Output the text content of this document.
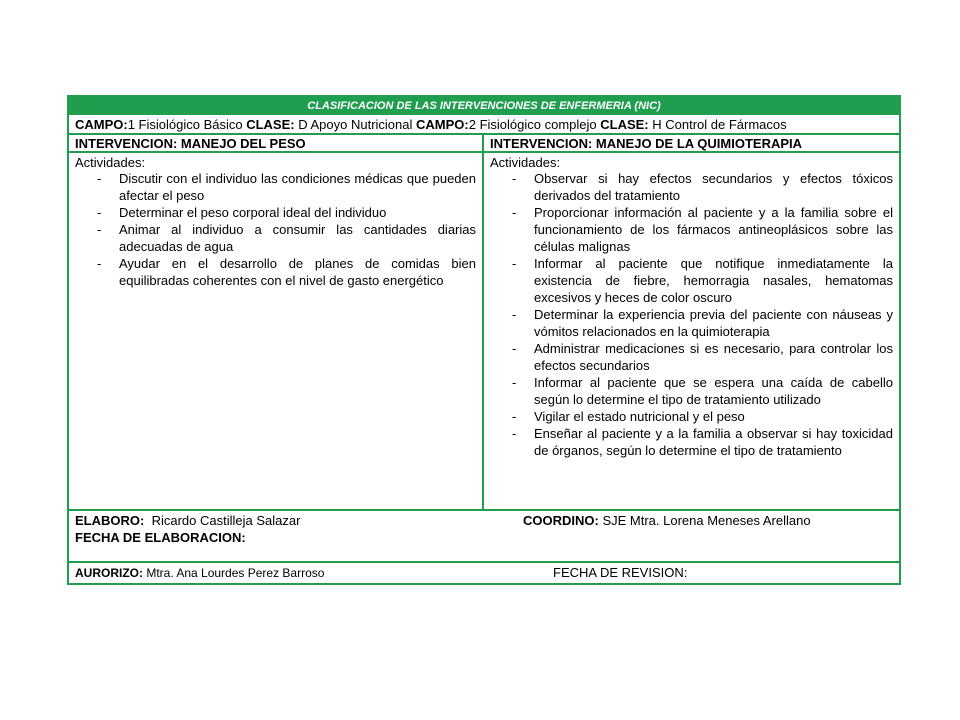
CLASIFICACION DE LAS INTERVENCIONES DE ENFERMERIA (NIC)
CAMPO:1 Fisiológico Básico CLASE: D Apoyo Nutricional CAMPO:2 Fisiológico complejo CLASE: H Control de Fármacos
INTERVENCION: MANEJO DEL PESO	INTERVENCION: MANEJO DE LA QUIMIOTERAPIA
Actividades:
- Discutir con el individuo las condiciones médicas que pueden afectar el peso
- Determinar el peso corporal ideal del individuo
- Animar al individuo a consumir las cantidades diarias adecuadas de agua
- Ayudar en el desarrollo de planes de comidas bien equilibradas coherentes con el nivel de gasto energético
Actividades:
- Observar si hay efectos secundarios y efectos tóxicos derivados del tratamiento
- Proporcionar información al paciente y a la familia sobre el funcionamiento de los fármacos antineoplásicos sobre las células malignas
- Informar al paciente que notifique inmediatamente la existencia de fiebre, hemorragia nasales, hematomas excesivos y heces de color oscuro
- Determinar la experiencia previa del paciente con náuseas y vómitos relacionados en la quimioterapia
- Administrar medicaciones si es necesario, para controlar los efectos secundarios
- Informar al paciente que se espera una caída de cabello según lo determine el tipo de tratamiento utilizado
- Vigilar el estado nutricional y el peso
- Enseñar al paciente y a la familia a observar si hay toxicidad de órganos, según lo determine el tipo de tratamiento
ELABORO:  Ricardo Castilleja Salazar
FECHA DE ELABORACION:
COORDINO: SJE Mtra. Lorena Meneses Arellano
AURORIZO: Mtra. Ana Lourdes Perez Barroso	FECHA DE REVISION:
